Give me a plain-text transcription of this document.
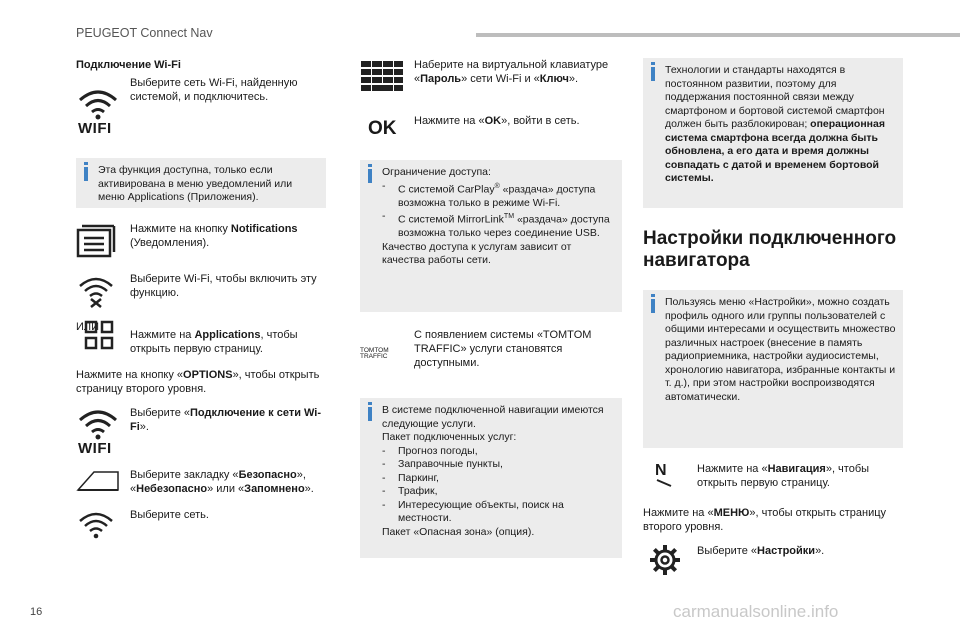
PEUGEOT Connect Nav

Подключение Wi-Fi

WIFI

Выберите сеть Wi-Fi, найденную системой, и подключитесь.

Эта функция доступна, только если активирована в меню уведомлений или меню Applications (Приложения).

Нажмите на кнопку Notifications (Уведомления).

Выберите Wi-Fi, чтобы включить эту функцию.

ИЛИ

Нажмите на Applications, чтобы открыть первую страницу.

Нажмите на кнопку «OPTIONS», чтобы открыть страницу второго уровня.

WIFI

Выберите «Подключение к сети Wi-Fi».

Выберите закладку «Безопасно», «Небезопасно» или «Запомнено».

Выберите сеть.

Наберите на виртуальной клавиатуре «Пароль» сети Wi-Fi и «Ключ».

OK Нажмите на «OK», войти в сеть.

Ограничение доступа:

- С системой CarPlay® «раздача» доступа возможна только в режиме Wi-Fi.
- С системой MirrorLink™ «раздача» доступа возможна только через соединение USB.

Качество доступа к услугам зависит от качества работы сети.

TOMTOM TRAFFIC

С появлением системы «TOMTOM TRAFFIC» услуги становятся доступными.

В системе подключенной навигации имеются следующие услуги.

Пакет подключенных услуг:

- Прогноз погоды,
- Заправочные пункты,
- Паркинг,
- Трафик,
- Интересующие объекты, поиск на местности.

Пакет «Опасная зона» (опция).

Технологии и стандарты находятся в постоянном развитии, поэтому для поддержания постоянной связи между смартфоном и бортовой системой смартфон должен быть разблокирован; операционная система смартфона всегда должна быть обновлена, а его дата и время должны совпадать с датой и временем бортовой системы.

Настройки подключенного навигатора

Пользуясь меню «Настройки», можно создать профиль одного или группы пользователей с общими интересами и осуществить множество различных настроек (внесение в память радиоприемника, настройки аудиосистемы, хронологию навигатора, избранные контакты и т. д.), при этом настройки воспроизводятся автоматически.

N	Нажмите на «Навигация», чтобы открыть первую страницу.

Нажмите на «МЕНЮ», чтобы открыть страницу второго уровня.

Выберите «Настройки».

16	carmanualsonline.info
